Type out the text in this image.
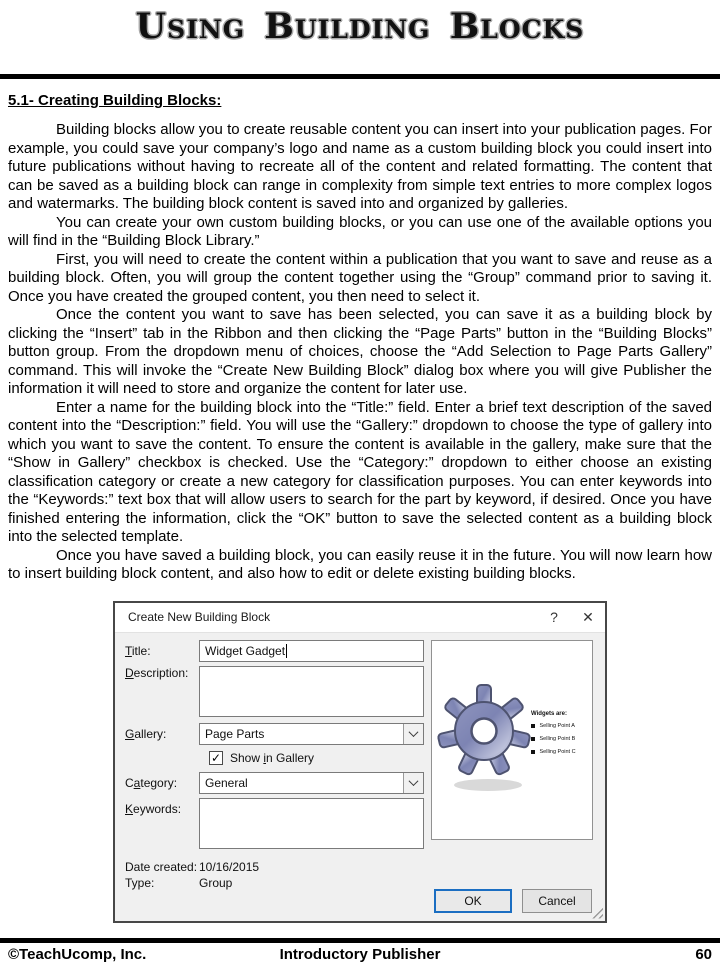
Using Building Blocks
5.1- Creating Building Blocks:

Building blocks allow you to create reusable content you can insert into your publication pages. For example, you could save your company’s logo and name as a custom building block you could insert into future publications without having to recreate all of the content and related formatting. The content that can be saved as a building block can range in complexity from simple text entries to more complex logos and watermarks. The building block content is saved into and organized by galleries.

You can create your own custom building blocks, or you can use one of the available options you will find in the “Building Block Library.”

First, you will need to create the content within a publication that you want to save and reuse as a building block. Often, you will group the content together using the “Group” command prior to saving it. Once you have created the grouped content, you then need to select it.

Once the content you want to save has been selected, you can save it as a building block by clicking the “Insert” tab in the Ribbon and then clicking the “Page Parts” button in the “Building Blocks” button group. From the dropdown menu of choices, choose the “Add Selection to Page Parts Gallery” command. This will invoke the “Create New Building Block” dialog box where you will give Publisher the information it will need to store and organize the content for later use.

Enter a name for the building block into the “Title:” field. Enter a brief text description of the saved content into the “Description:” field. You will use the “Gallery:” dropdown to choose the type of gallery into which you want to save the content. To ensure the content is available in the gallery, make sure that the “Show in Gallery” checkbox is checked. Use the “Category:” dropdown to either choose an existing classification category or create a new category for classification purposes. You can enter keywords into the “Keywords:” text box that will allow users to search for the part by keyword, if desired. Once you have finished entering the information, click the “OK” button to save the selected content as a building block into the selected template.

Once you have saved a building block, you can easily reuse it in the future. You will now learn how to insert building block content, and also how to edit or delete existing building blocks.

Create New Building Block	? ✕
Title:	Widget Gadget
Description:
Gallery:	Page Parts
✓ Show in Gallery
Category:	General
Keywords:
Date created: 10/16/2015
Type:	Group
Widgets are:
Selling Point A
Selling Point B
Selling Point C
OK	Cancel
©TeachUcomp, Inc.	Introductory Publisher	60
